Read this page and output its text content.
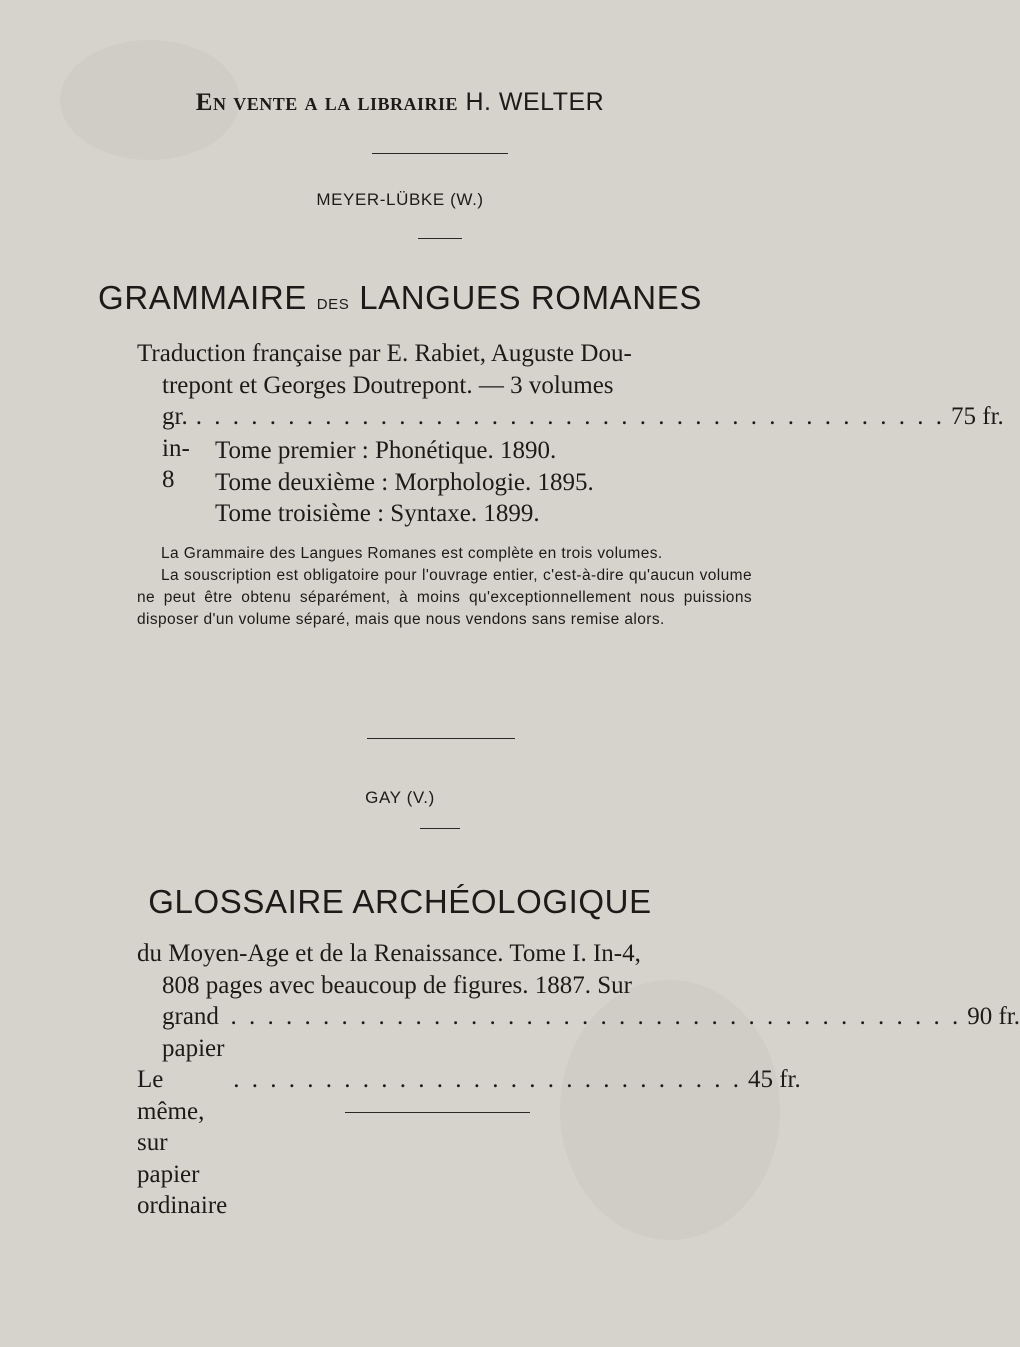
En vente a la librairie H. WELTER
MEYER-LÜBKE (W.)
GRAMMAIRE des LANGUES ROMANES
Traduction française par E. Rabiet, Auguste Dou-
trepont et Georges Doutrepont. — 3 volumes
gr. in-8
. . . . . . . . . . . . . . . . . . . . . . . . . . . . . . . . . . . . . . . . . 75 fr.
Tome premier : Phonétique. 1890.
Tome deuxième : Morphologie. 1895.
Tome troisième : Syntaxe. 1899.

La Grammaire des Langues Romanes est complète en trois volumes.

La souscription est obligatoire pour l'ouvrage entier, c'est-à-dire qu'aucun volume ne peut être obtenu séparément, à moins qu'exceptionnellement nous puissions disposer d'un volume séparé, mais que nous vendons sans remise alors.

GAY (V.)
GLOSSAIRE ARCHÉOLOGIQUE
du Moyen-Age et de la Renaissance. Tome I. In-4,
808 pages avec beaucoup de figures. 1887. Sur
grand papier
. . . . . . . . . . . . . . . . . . . . . . . . . . . . . . . . . . . . . . . . 90 fr.
Le même, sur papier ordinaire
. . . . . . . . . . . . . . . . . . . . . . . . . . . . 45 fr.
